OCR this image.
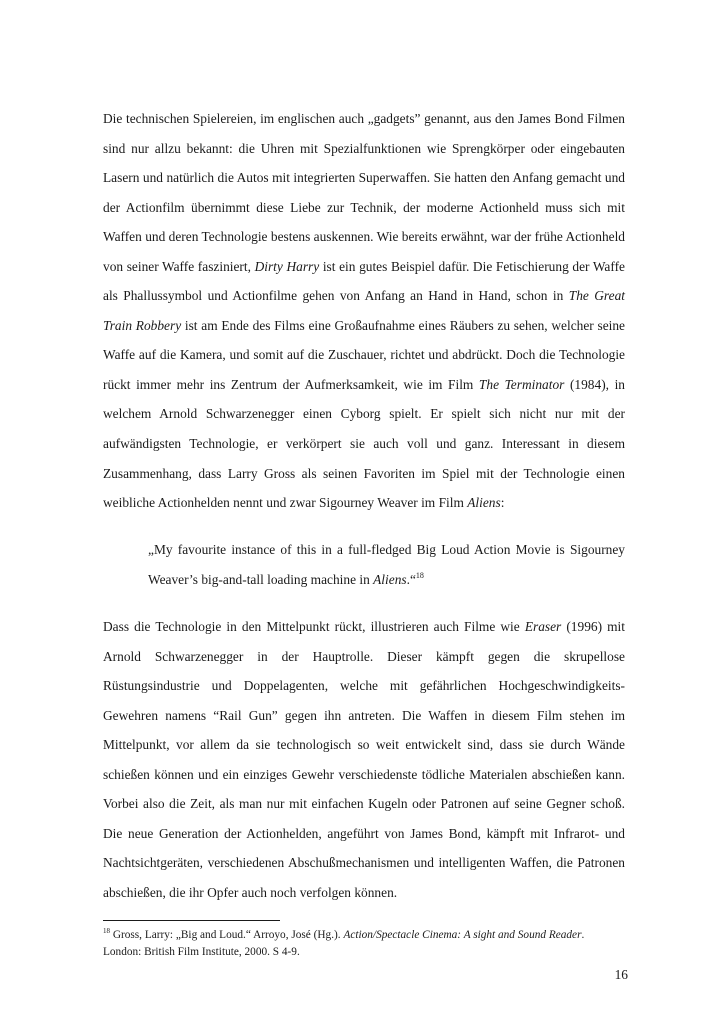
Die technischen Spielereien, im englischen auch „gadgets” genannt, aus den James Bond Filmen sind nur allzu bekannt: die Uhren mit Spezialfunktionen wie Sprengkörper oder eingebauten Lasern und natürlich die Autos mit integrierten Superwaffen. Sie hatten den Anfang gemacht und der Actionfilm übernimmt diese Liebe zur Technik, der moderne Actionheld muss sich mit Waffen und deren Technologie bestens auskennen. Wie bereits erwähnt, war der frühe Actionheld von seiner Waffe fasziniert, Dirty Harry ist ein gutes Beispiel dafür. Die Fetischierung der Waffe als Phallussymbol und Actionfilme gehen von Anfang an Hand in Hand, schon in The Great Train Robbery ist am Ende des Films eine Großaufnahme eines Räubers zu sehen, welcher seine Waffe auf die Kamera, und somit auf die Zuschauer, richtet und abdrückt. Doch die Technologie rückt immer mehr ins Zentrum der Aufmerksamkeit, wie im Film The Terminator (1984), in welchem Arnold Schwarzenegger einen Cyborg spielt. Er spielt sich nicht nur mit der aufwändigsten Technologie, er verkörpert sie auch voll und ganz. Interessant in diesem Zusammenhang, dass Larry Gross als seinen Favoriten im Spiel mit der Technologie einen weibliche Actionhelden nennt und zwar Sigourney Weaver im Film Aliens:

„My favourite instance of this in a full-fledged Big Loud Action Movie is Sigourney Weaver’s big-and-tall loading machine in Aliens.“$^{18}$

Dass die Technologie in den Mittelpunkt rückt, illustrieren auch Filme wie Eraser (1996) mit Arnold Schwarzenegger in der Hauptrolle. Dieser kämpft gegen die skrupellose Rüstungsindustrie und Doppelagenten, welche mit gefährlichen Hochgeschwindigkeits-Gewehren namens “Rail Gun” gegen ihn antreten. Die Waffen in diesem Film stehen im Mittelpunkt, vor allem da sie technologisch so weit entwickelt sind, dass sie durch Wände schießen können und ein einziges Gewehr verschiedenste tödliche Materialen abschießen kann. Vorbei also die Zeit, als man nur mit einfachen Kugeln oder Patronen auf seine Gegner schoß. Die neue Generation der Actionhelden, angeführt von James Bond, kämpft mit Infrarot- und Nachtsichtgeräten, verschiedenen Abschußmechanismen und intelligenten Waffen, die Patronen abschießen, die ihr Opfer auch noch verfolgen können.

$^{18}$ Gross, Larry: „Big and Loud.“ Arroyo, José (Hg.). Action/Spectacle Cinema: A sight and Sound Reader. London: British Film Institute, 2000. S 4-9.

16
